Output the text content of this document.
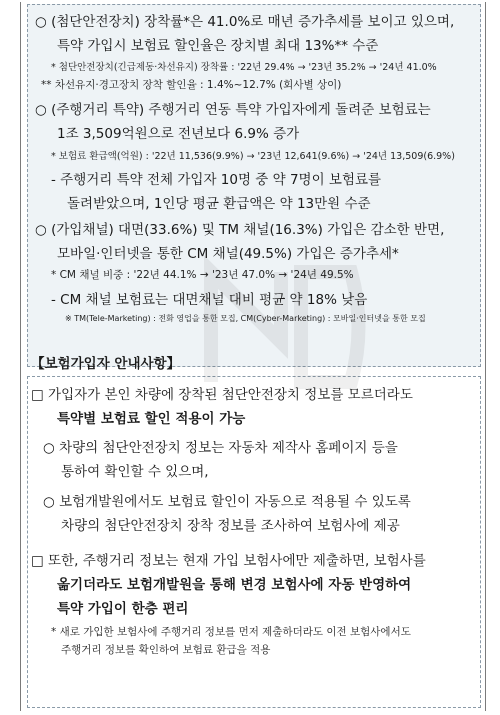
○ (첨단안전장치) 장착률*은 41.0%로 매년 증가추세를 보이고 있으며,
특약 가입시 보험료 할인율은 장치별 최대 13%** 수준
* 첨단안전장치(긴급제동·차선유지) 장착률 : '22년 29.4% → '23년 35.2% → '24년 41.0%
** 차선유지·경고장치 장착 할인율 : 1.4%~12.7% (회사별 상이)
○ (주행거리 특약) 주행거리 연동 특약 가입자에게 돌려준 보험료는
1조 3,509억원으로 전년보다 6.9% 증가
* 보험료 환급액(억원) : '22년 11,536(9.9%) → '23년 12,641(9.6%) → '24년 13,509(6.9%)
- 주행거리 특약 전체 가입자 10명 중 약 7명이 보험료를
돌려받았으며, 1인당 평균 환급액은 약 13만원 수준
○ (가입채널) 대면(33.6%) 및 TM 채널(16.3%) 가입은 감소한 반면,
모바일·인터넷을 통한 CM 채널(49.5%) 가입은 증가추세*
* CM 채널 비중 : '22년 44.1% → '23년 47.0% → '24년 49.5%
- CM 채널 보험료는 대면채널 대비 평균 약 18% 낮음
※ TM(Tele-Marketing) : 전화 영업을 통한 모집, CM(Cyber-Marketing) : 모바일·인터넷을 통한 모집
【보험가입자 안내사항】
□ 가입자가 본인 차량에 장착된 첨단안전장치 정보를 모르더라도
특약별 보험료 할인 적용이 가능
○ 차량의 첨단안전장치 정보는 자동차 제작사 홈페이지 등을
통하여 확인할 수 있으며,
○ 보험개발원에서도 보험료 할인이 자동으로 적용될 수 있도록
차량의 첨단안전장치 장착 정보를 조사하여 보험사에 제공
□ 또한, 주행거리 정보는 현재 가입 보험사에만 제출하면, 보험사를
옮기더라도 보험개발원을 통해 변경 보험사에 자동 반영하여
특약 가입이 한층 편리
* 새로 가입한 보험사에 주행거리 정보를 먼저 제출하더라도 이전 보험사에서도
주행거리 정보를 확인하여 보험료 환급을 적용
